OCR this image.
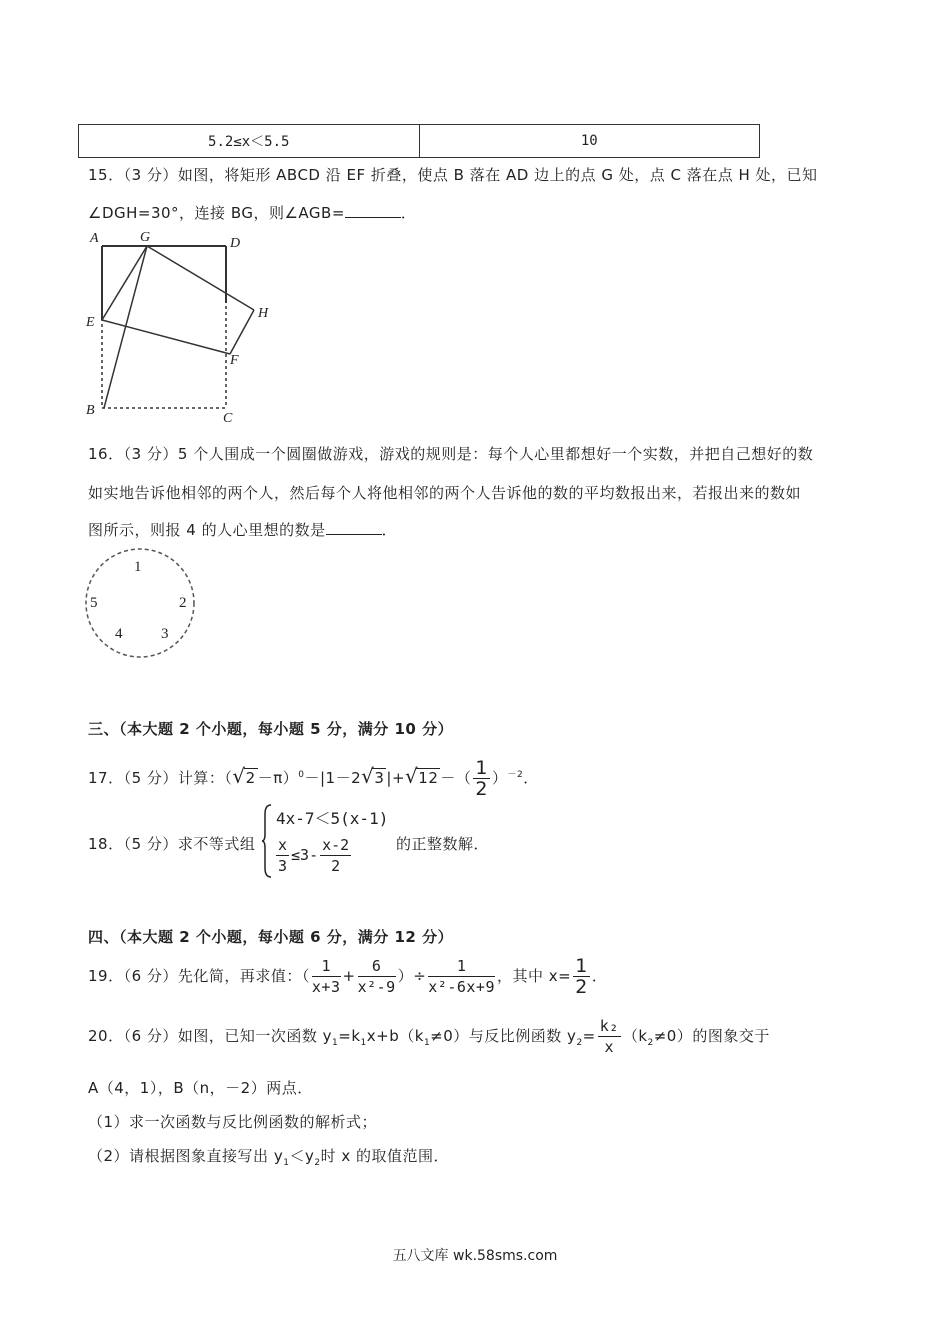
5.2≤x＜5.5	10
15．（3 分）如图，将矩形 ABCD 沿 EF 折叠，使点 B 落在 AD 边上的点 G 处，点 C 落在点 H 处，已知
∠DGH=30°，连接 BG，则∠AGB=	．
A	G	D
H
E
F
B
C
16．（3 分）5 个人围成一个圆圈做游戏，游戏的规则是：每个人心里都想好一个实数，并把自己想好的数
如实地告诉他相邻的两个人，然后每个人将他相邻的两个人告诉他的数的平均数报出来，若报出来的数如
图所示，则报 4 的人心里想的数是	．
1
2
3
4
5
三、（本大题 2 个小题，每小题 5 分，满分 10 分）
17．（5 分）计算：$(√2 -\pi)^0-|1-2√3$ |+√12 －（ $\frac{1}{2} )^{-2}$．
18．（5 分）求不等式组
4x-7＜5(x-1)
$\frac{x}{3} \le 3- \frac{x-2}{2}$	的正整数解．
四、（本大题 2 个小题，每小题 6 分，满分 12 分）
19．（6 分）先化简，再求值：（ $\frac{1}{x+3} + \frac{6}{\text{x²-9}}$ ）÷ $\frac{1}{\text{x²-6x+9}}$ ，其中 $x= \frac{1}{2}$ ．
20．（6 分）如图，已知一次函数 $y_1=k_1x+b(k_1\ne 0)$与反比例函数 $y_2= \frac{\text{k₂}}{x} (k_2\ne 0)$的图象交于
A（4，1），B（n，－2）两点．
（1）求一次函数与反比例函数的解析式；
（2）请根据图象直接写出 $y_1<y_2$时 x 的取值范围．
五八文库 wk.58sms.com
